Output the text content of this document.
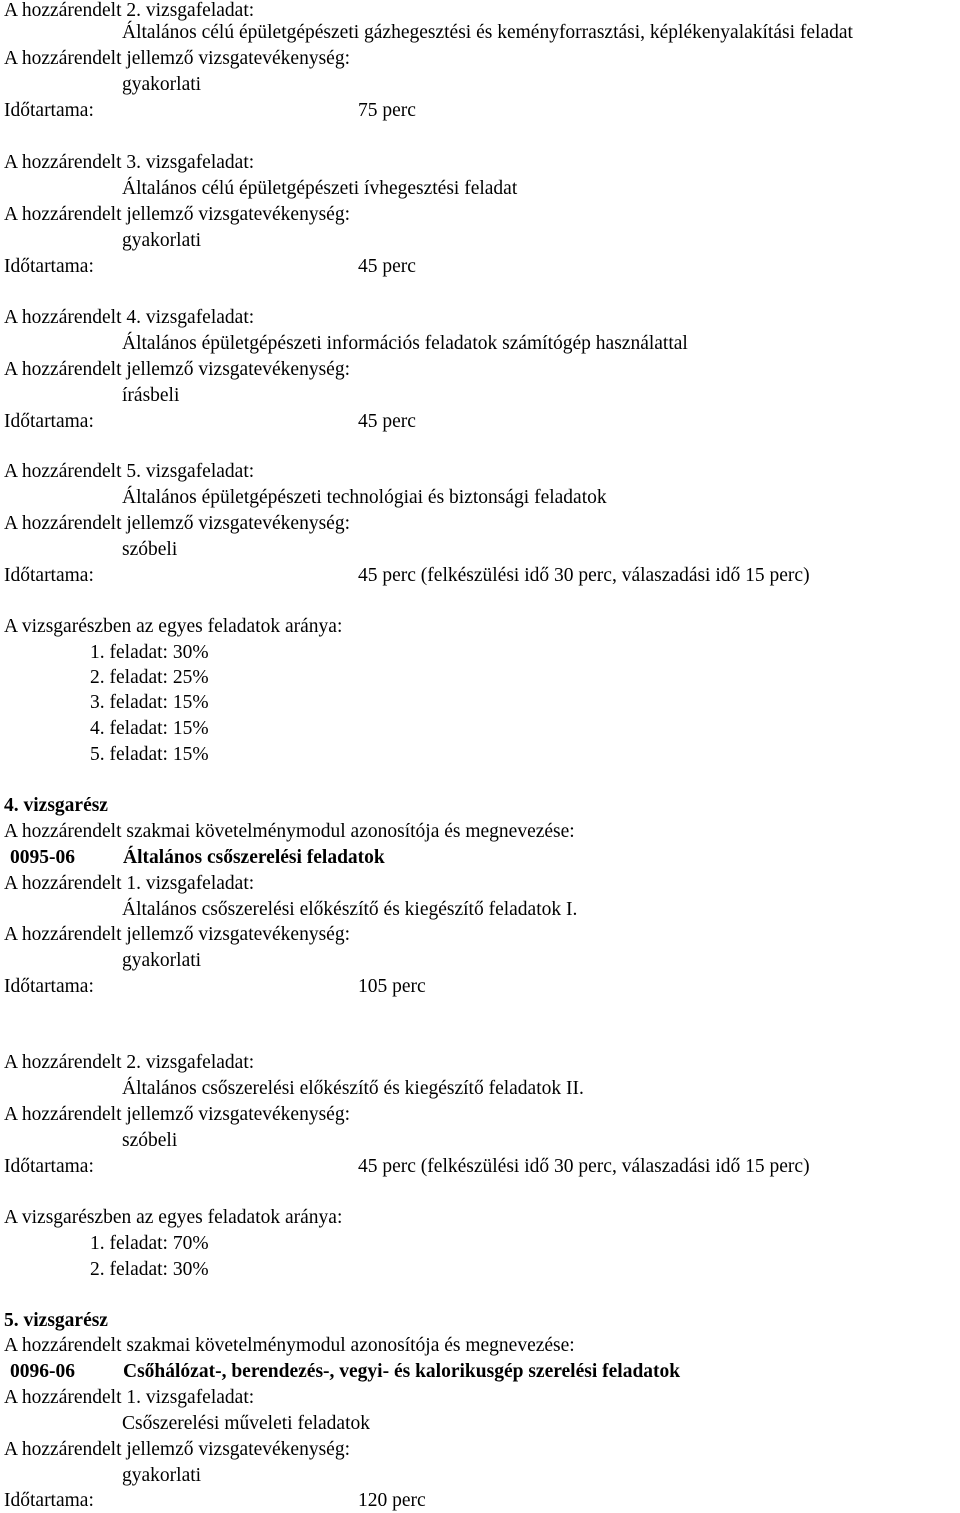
A hozzárendelt 2. vizsgafeladat:
Általános célú épületgépészeti gázhegesztési és keményforrasztási, képlékenyalakítási feladat
A hozzárendelt jellemző vizsgatevékenység:
gyakorlati
Időtartama:	75 perc
A hozzárendelt 3. vizsgafeladat:
Általános célú épületgépészeti ívhegesztési feladat
A hozzárendelt jellemző vizsgatevékenység:
gyakorlati
Időtartama:	45 perc
A hozzárendelt 4. vizsgafeladat:
Általános épületgépészeti információs feladatok számítógép használattal
A hozzárendelt jellemző vizsgatevékenység:
írásbeli
Időtartama:	45 perc
A hozzárendelt 5. vizsgafeladat:
Általános épületgépészeti technológiai és biztonsági feladatok
A hozzárendelt jellemző vizsgatevékenység:
szóbeli
Időtartama:	45 perc (felkészülési idő 30 perc, válaszadási idő 15 perc)
A vizsgarészben az egyes feladatok aránya:
1. feladat: 30%
2. feladat: 25%
3. feladat: 15%
4. feladat: 15%
5. feladat: 15%
4. vizsgarész
A hozzárendelt szakmai követelménymodul azonosítója és megnevezése:
0095-06 Általános csőszerelési feladatok
A hozzárendelt 1. vizsgafeladat:
Általános csőszerelési előkészítő és kiegészítő feladatok I.
A hozzárendelt jellemző vizsgatevékenység:
gyakorlati
Időtartama:	105 perc
A hozzárendelt 2. vizsgafeladat:
Általános csőszerelési előkészítő és kiegészítő feladatok II.
A hozzárendelt jellemző vizsgatevékenység:
szóbeli
Időtartama:	45 perc (felkészülési idő 30 perc, válaszadási idő 15 perc)
A vizsgarészben az egyes feladatok aránya:
1. feladat: 70%
2. feladat: 30%
5. vizsgarész
A hozzárendelt szakmai követelménymodul azonosítója és megnevezése:
0096-06 Csőhálózat-, berendezés-, vegyi- és kalorikusgép szerelési feladatok
A hozzárendelt 1. vizsgafeladat:
Csőszerelési műveleti feladatok
A hozzárendelt jellemző vizsgatevékenység:
gyakorlati
Időtartama:	120 perc
